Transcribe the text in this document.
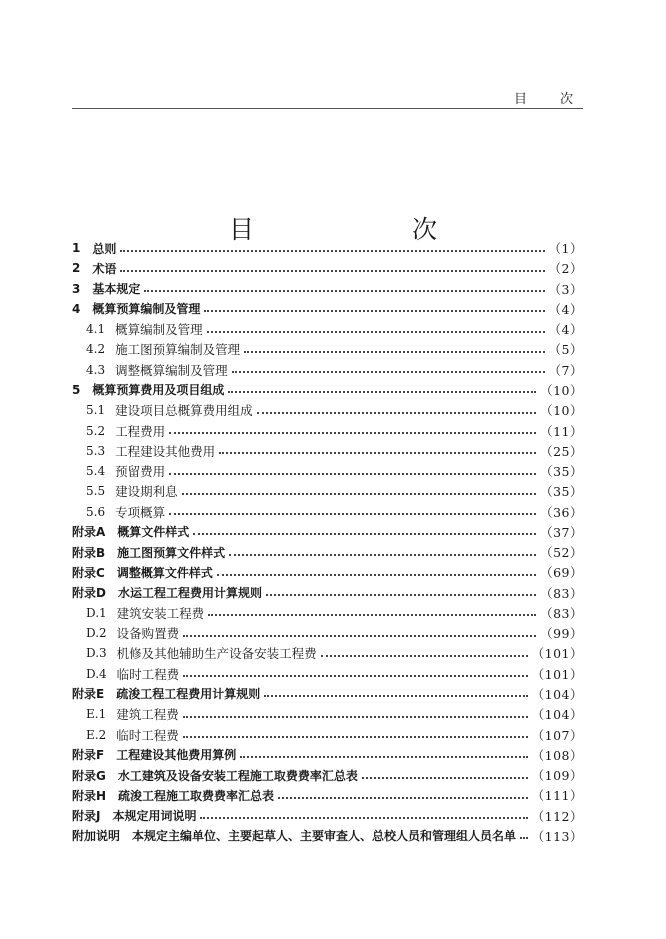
目　次
目　　次
1 总则	（1）
2 术语	（2）
3 基本规定	（3）
4 概算预算编制及管理	（4）
4.1 概算编制及管理	（4）
4.2 施工图预算编制及管理	（5）
4.3 调整概算编制及管理	（7）
5 概算预算费用及项目组成	（10）
5.1 建设项目总概算费用组成	（10）
5.2 工程费用	（11）
5.3 工程建设其他费用	（25）
5.4 预留费用	（35）
5.5 建设期利息	（35）
5.6 专项概算	（36）
附录A 概算文件样式	（37）
附录B 施工图预算文件样式	（52）
附录C 调整概算文件样式	（69）
附录D 水运工程工程费用计算规则	（83）
D.1 建筑安装工程费	（83）
D.2 设备购置费	（99）
D.3 机修及其他辅助生产设备安装工程费	（101）
D.4 临时工程费	（101）
附录E 疏浚工程工程费用计算规则	（104）
E.1 建筑工程费	（104）
E.2 临时工程费	（107）
附录F 工程建设其他费用算例	（108）
附录G 水工建筑及设备安装工程施工取费费率汇总表	（109）
附录H 疏浚工程施工取费费率汇总表	（111）
附录J 本规定用词说明	（112）
附加说明 本规定主编单位、主要起草人、主要审查人、总校人员和管理组人员名单 （113）
